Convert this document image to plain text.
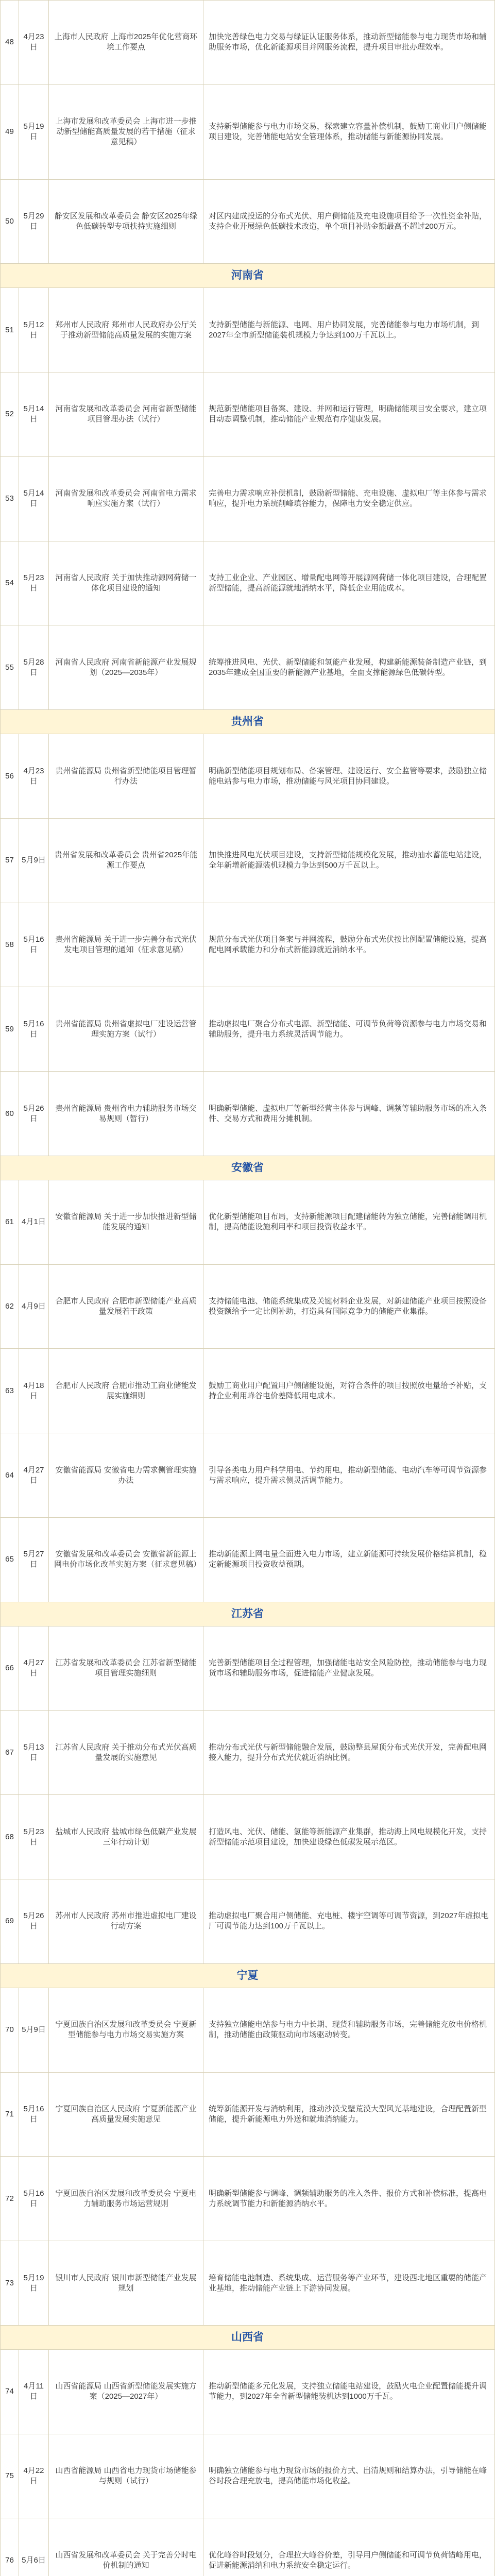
48	4月23日	上海市人民政府 上海市2025年优化营商环境工作要点	加快完善绿色电力交易与绿证认证服务体系，推动新型储能参与电力现货市场和辅助服务市场，优化新能源项目并网服务流程，提升项目审批办理效率。
49	5月19日	上海市发展和改革委员会 上海市进一步推动新型储能高质量发展的若干措施（征求意见稿）	支持新型储能参与电力市场交易，探索建立容量补偿机制，鼓励工商业用户侧储能项目建设，完善储能电站安全管理体系，推动储能与新能源协同发展。
50	5月29日	静安区发展和改革委员会 静安区2025年绿色低碳转型专项扶持实施细则	对区内建成投运的分布式光伏、用户侧储能及充电设施项目给予一次性资金补贴，支持企业开展绿色低碳技术改造，单个项目补贴金额最高不超过200万元。
河南省			
51	5月12日	郑州市人民政府 郑州市人民政府办公厅关于推动新型储能高质量发展的实施方案	支持新型储能与新能源、电网、用户协同发展，完善储能参与电力市场机制，到2027年全市新型储能装机规模力争达到100万千瓦以上。
52	5月14日	河南省发展和改革委员会 河南省新型储能项目管理办法（试行）	规范新型储能项目备案、建设、并网和运行管理，明确储能项目安全要求，建立项目动态调整机制，推动储能产业规范有序健康发展。
53	5月14日	河南省发展和改革委员会 河南省电力需求响应实施方案（试行）	完善电力需求响应补偿机制，鼓励新型储能、充电设施、虚拟电厂等主体参与需求响应，提升电力系统削峰填谷能力，保障电力安全稳定供应。
54	5月23日	河南省人民政府 关于加快推动源网荷储一体化项目建设的通知	支持工业企业、产业园区、增量配电网等开展源网荷储一体化项目建设，合理配置新型储能，提高新能源就地消纳水平，降低企业用能成本。
55	5月28日	河南省人民政府 河南省新能源产业发展规划（2025—2035年）	统筹推进风电、光伏、新型储能和氢能产业发展，构建新能源装备制造产业链，到2035年建成全国重要的新能源产业基地，全面支撑能源绿色低碳转型。
贵州省			
56	4月23日	贵州省能源局 贵州省新型储能项目管理暂行办法	明确新型储能项目规划布局、备案管理、建设运行、安全监管等要求，鼓励独立储能电站参与电力市场，推动储能与风光项目协同建设。
57	5月9日	贵州省发展和改革委员会 贵州省2025年能源工作要点	加快推进风电光伏项目建设，支持新型储能规模化发展，推动抽水蓄能电站建设，全年新增新能源装机规模力争达到500万千瓦以上。
58	5月16日	贵州省能源局 关于进一步完善分布式光伏发电项目管理的通知（征求意见稿）	规范分布式光伏项目备案与并网流程，鼓励分布式光伏按比例配置储能设施，提高配电网承载能力和分布式新能源就近消纳水平。
59	5月16日	贵州省能源局 贵州省虚拟电厂建设运营管理实施方案（试行）	推动虚拟电厂聚合分布式电源、新型储能、可调节负荷等资源参与电力市场交易和辅助服务，提升电力系统灵活调节能力。
60	5月26日	贵州省能源局 贵州省电力辅助服务市场交易规则（暂行）	明确新型储能、虚拟电厂等新型经营主体参与调峰、调频等辅助服务市场的准入条件、交易方式和费用分摊机制。
安徽省			
61	4月1日	安徽省能源局 关于进一步加快推进新型储能发展的通知	优化新型储能项目布局，支持新能源项目配建储能转为独立储能，完善储能调用机制，提高储能设施利用率和项目投资收益水平。
62	4月9日	合肥市人民政府 合肥市新型储能产业高质量发展若干政策	支持储能电池、储能系统集成及关键材料企业发展，对新建储能产业项目按照设备投资额给予一定比例补助，打造具有国际竞争力的储能产业集群。
63	4月18日	合肥市人民政府 合肥市推动工商业储能发展实施细则	鼓励工商业用户配置用户侧储能设施，对符合条件的项目按照放电量给予补贴，支持企业利用峰谷电价差降低用电成本。
64	4月27日	安徽省能源局 安徽省电力需求侧管理实施办法	引导各类电力用户科学用电、节约用电，推动新型储能、电动汽车等可调节资源参与需求响应，提升需求侧灵活调节能力。
65	5月27日	安徽省发展和改革委员会 安徽省新能源上网电价市场化改革实施方案（征求意见稿）	推动新能源上网电量全面进入电力市场，建立新能源可持续发展价格结算机制，稳定新能源项目投资收益预期。
江苏省			
66	4月27日	江苏省发展和改革委员会 江苏省新型储能项目管理实施细则	完善新型储能项目全过程管理，加强储能电站安全风险防控，推动储能参与电力现货市场和辅助服务市场，促进储能产业健康发展。
67	5月13日	江苏省人民政府 关于推动分布式光伏高质量发展的实施意见	推动分布式光伏与新型储能融合发展，鼓励整县屋顶分布式光伏开发，完善配电网接入能力，提升分布式光伏就近消纳比例。
68	5月23日	盐城市人民政府 盐城市绿色低碳产业发展三年行动计划	打造风电、光伏、储能、氢能等新能源产业集群，推动海上风电规模化开发，支持新型储能示范项目建设，加快建设绿色低碳发展示范区。
69	5月26日	苏州市人民政府 苏州市推进虚拟电厂建设行动方案	推动虚拟电厂聚合用户侧储能、充电桩、楼宇空调等可调节资源，到2027年虚拟电厂可调节能力达到100万千瓦以上。
宁夏			
70	5月9日	宁夏回族自治区发展和改革委员会 宁夏新型储能参与电力市场交易实施方案	支持独立储能电站参与电力中长期、现货和辅助服务市场，完善储能充放电价格机制，推动储能由政策驱动向市场驱动转变。
71	5月16日	宁夏回族自治区人民政府 宁夏新能源产业高质量发展实施意见	统筹新能源开发与消纳利用，推动沙漠戈壁荒漠大型风光基地建设，合理配置新型储能，提升新能源电力外送和就地消纳能力。
72	5月16日	宁夏回族自治区发展和改革委员会 宁夏电力辅助服务市场运营规则	明确新型储能参与调峰、调频辅助服务的准入条件、报价方式和补偿标准，提高电力系统调节能力和新能源消纳水平。
73	5月19日	银川市人民政府 银川市新型储能产业发展规划	培育储能电池制造、系统集成、运营服务等产业环节，建设西北地区重要的储能产业基地，推动储能产业链上下游协同发展。
山西省			
74	4月11日	山西省能源局 山西省新型储能发展实施方案（2025—2027年）	推动新型储能多元化发展，支持独立储能电站建设，鼓励火电企业配置储能提升调节能力，到2027年全省新型储能装机达到1000万千瓦。
75	4月22日	山西省能源局 山西省电力现货市场储能参与规则（试行）	明确独立储能参与电力现货市场的报价方式、出清规则和结算办法，引导储能在峰谷时段合理充放电，提高储能市场化收益。
76	5月6日	山西省发展和改革委员会 关于完善分时电价机制的通知	优化峰谷时段划分，合理拉大峰谷价差，引导用户侧储能和可调节负荷错峰用电，促进新能源消纳和电力系统安全稳定运行。
